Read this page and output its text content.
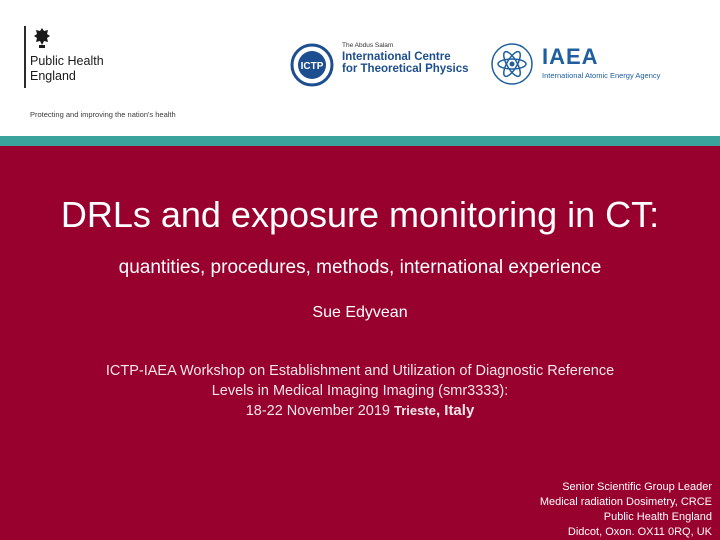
Public Health
England
Protecting and improving the nation's health
ICTP
The Abdus Salam
International Centre
for Theoretical Physics	IAEA
International Atomic Energy Agency
DRLs and exposure monitoring in CT:
quantities, procedures, methods, international experience
Sue Edyvean
ICTP-IAEA Workshop on Establishment and Utilization of Diagnostic Reference
Levels in Medical Imaging Imaging (smr3333):
18-22 November 2019 Trieste, Italy
Senior Scientific Group Leader
Medical radiation Dosimetry, CRCE
Public Health England
Didcot, Oxon. OX11 0RQ, UK
